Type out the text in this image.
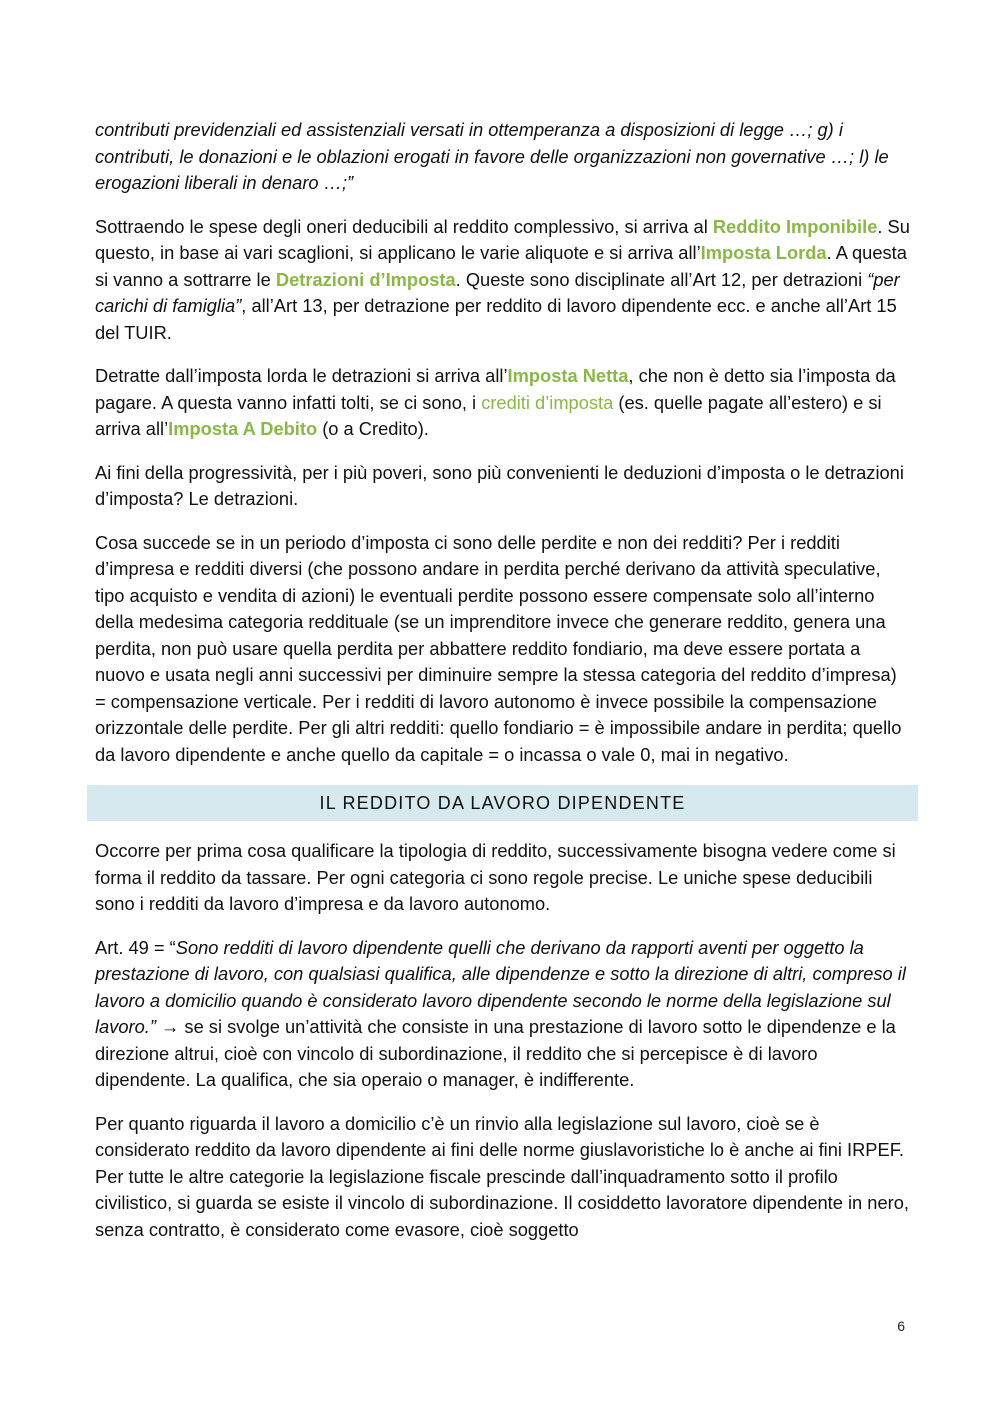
contributi previdenziali ed assistenziali versati in ottemperanza a disposizioni di legge …; g) i contributi, le donazioni e le oblazioni erogati in favore delle organizzazioni non governative …; l) le erogazioni liberali in denaro …;”

Sottraendo le spese degli oneri deducibili al reddito complessivo, si arriva al Reddito Imponibile. Su questo, in base ai vari scaglioni, si applicano le varie aliquote e si arriva all’Imposta Lorda. A questa si vanno a sottrarre le Detrazioni d’Imposta. Queste sono disciplinate all’Art 12, per detrazioni “per carichi di famiglia”, all’Art 13, per detrazione per reddito di lavoro dipendente ecc. e anche all’Art 15 del TUIR.

Detratte dall’imposta lorda le detrazioni si arriva all’Imposta Netta, che non è detto sia l’imposta da pagare. A questa vanno infatti tolti, se ci sono, i crediti d’imposta (es. quelle pagate all’estero) e si arriva all’Imposta A Debito (o a Credito).

Ai fini della progressività, per i più poveri, sono più convenienti le deduzioni d’imposta o le detrazioni d’imposta? Le detrazioni.

Cosa succede se in un periodo d’imposta ci sono delle perdite e non dei redditi? Per i redditi d’impresa e redditi diversi (che possono andare in perdita perché derivano da attività speculative, tipo acquisto e vendita di azioni) le eventuali perdite possono essere compensate solo all’interno della medesima categoria reddituale (se un imprenditore invece che generare reddito, genera una perdita, non può usare quella perdita per abbattere reddito fondiario, ma deve essere portata a nuovo e usata negli anni successivi per diminuire sempre la stessa categoria del reddito d’impresa) = compensazione verticale. Per i redditi di lavoro autonomo è invece possibile la compensazione orizzontale delle perdite. Per gli altri redditi: quello fondiario = è impossibile andare in perdita; quello da lavoro dipendente e anche quello da capitale = o incassa o vale 0, mai in negativo.

IL REDDITO DA LAVORO DIPENDENTE

Occorre per prima cosa qualificare la tipologia di reddito, successivamente bisogna vedere come si forma il reddito da tassare. Per ogni categoria ci sono regole precise. Le uniche spese deducibili sono i redditi da lavoro d’impresa e da lavoro autonomo.

Art. 49 = “Sono redditi di lavoro dipendente quelli che derivano da rapporti aventi per oggetto la prestazione di lavoro, con qualsiasi qualifica, alle dipendenze e sotto la direzione di altri, compreso il lavoro a domicilio quando è considerato lavoro dipendente secondo le norme della legislazione sul lavoro.” → se si svolge un’attività che consiste in una prestazione di lavoro sotto le dipendenze e la direzione altrui, cioè con vincolo di subordinazione, il reddito che si percepisce è di lavoro dipendente. La qualifica, che sia operaio o manager, è indifferente.

Per quanto riguarda il lavoro a domicilio c’è un rinvio alla legislazione sul lavoro, cioè se è considerato reddito da lavoro dipendente ai fini delle norme giuslavoristiche lo è anche ai fini IRPEF. Per tutte le altre categorie la legislazione fiscale prescinde dall’inquadramento sotto il profilo civilistico, si guarda se esiste il vincolo di subordinazione. Il cosiddetto lavoratore dipendente in nero, senza contratto, è considerato come evasore, cioè soggetto

6
